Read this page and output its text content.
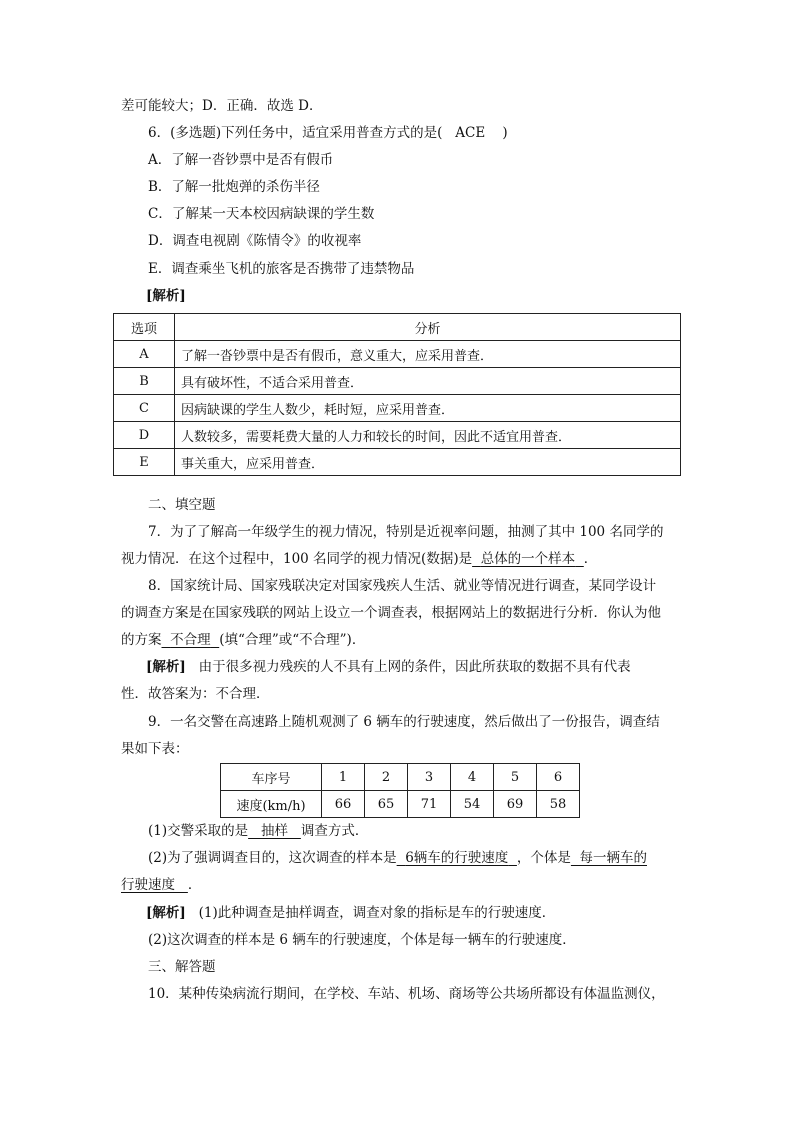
差可能较大；D．正确．故选 D．
6．(多选题)下列任务中，适宜采用普查方式的是( ACE )
A．了解一沓钞票中是否有假币
B．了解一批炮弹的杀伤半径
C．了解某一天本校因病缺课的学生数
D．调查电视剧《陈情令》的收视率
E．调查乘坐飞机的旅客是否携带了违禁物品
[解析]
选项	分析
A	了解一沓钞票中是否有假币，意义重大，应采用普查．
B	具有破坏性，不适合采用普查．
C	因病缺课的学生人数少，耗时短，应采用普查．
D	人数较多，需要耗费大量的人力和较长的时间，因此不适宜用普查．
E	事关重大，应采用普查．
二、填空题
7．为了了解高一年级学生的视力情况，特别是近视率问题，抽测了其中 100 名同学的
视力情况．在这个过程中，100 名同学的视力情况(数据)是 总体的一个样本 ．
8．国家统计局、国家残联决定对国家残疾人生活、就业等情况进行调查，某同学设计
的调查方案是在国家残联的网站上设立一个调查表，根据网站上的数据进行分析．你认为他
的方案 不合理 (填“合理”或“不合理”)．
[解析] 由于很多视力残疾的人不具有上网的条件，因此所获取的数据不具有代表
性．故答案为：不合理．
9．一名交警在高速路上随机观测了 6 辆车的行驶速度，然后做出了一份报告，调查结
果如下表：
车序号	1	2	3	4	5	6
速度(km/h)	66	65	71	54	69	58
(1)交警采取的是 抽样 调查方式．
(2)为了强调调查目的，这次调查的样本是 6辆车的行驶速度 ，个体是 每一辆车的
行驶速度 ．
[解析] (1)此种调查是抽样调查，调查对象的指标是车的行驶速度．
(2)这次调查的样本是 6 辆车的行驶速度，个体是每一辆车的行驶速度．
三、解答题
10．某种传染病流行期间，在学校、车站、机场、商场等公共场所都设有体温监测仪，
